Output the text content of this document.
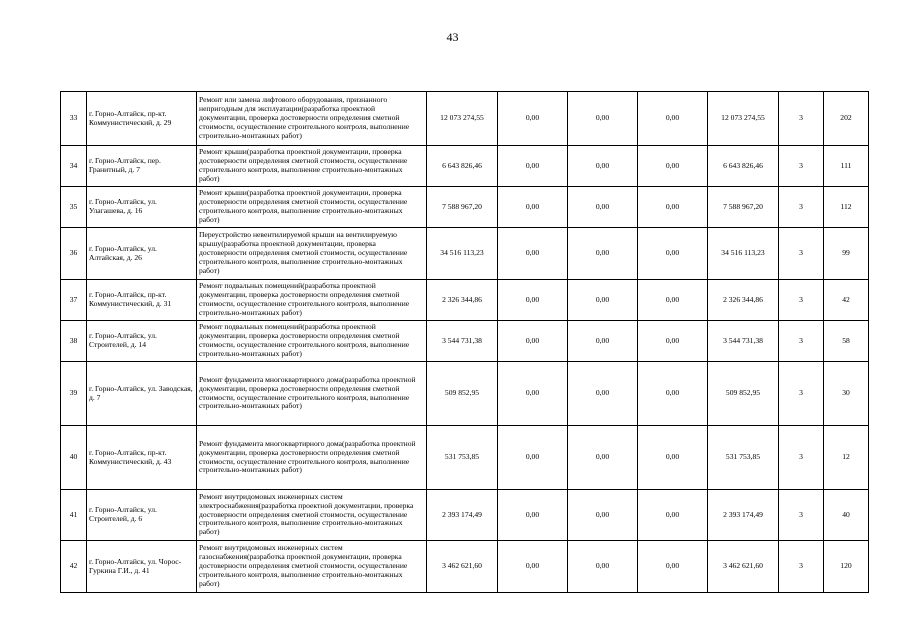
43
33	г. Горно-Алтайск, пр-кт. Коммунистический, д. 29	Ремонт или замена лифтового оборудования, признанного непригодным для эксплуатации(разработка проектной документации, проверка достоверности определения сметной стоимости, осуществление строительного контроля, выполнение строительно-монтажных работ)	12 073 274,55	0,00	0,00	0,00	12 073 274,55	3	202
34	г. Горно-Алтайск, пер. Гранитный, д. 7	Ремонт крыши(разработка проектной документации, проверка достоверности определения сметной стоимости, осуществление строительного контроля, выполнение строительно-монтажных работ)	6 643 826,46	0,00	0,00	0,00	6 643 826,46	3	111
35	г. Горно-Алтайск, ул. Улагашева, д. 16	Ремонт крыши(разработка проектной документации, проверка достоверности определения сметной стоимости, осуществление строительного контроля, выполнение строительно-монтажных работ)	7 588 967,20	0,00	0,00	0,00	7 588 967,20	3	112
36	г. Горно-Алтайск, ул. Алтайская, д. 26	Переустройство невентилируемой крыши на вентилируемую крышу(разработка проектной документации, проверка достоверности определения сметной стоимости, осуществление строительного контроля, выполнение строительно-монтажных работ)	34 516 113,23	0,00	0,00	0,00	34 516 113,23	3	99
37	г. Горно-Алтайск, пр-кт. Коммунистический, д. 31	Ремонт подвальных помещений(разработка проектной документации, проверка достоверности определения сметной стоимости, осуществление строительного контроля, выполнение строительно-монтажных работ)	2 326 344,86	0,00	0,00	0,00	2 326 344,86	3	42
38	г. Горно-Алтайск, ул. Строителей, д. 14	Ремонт подвальных помещений(разработка проектной документации, проверка достоверности определения сметной стоимости, осуществление строительного контроля, выполнение строительно-монтажных работ)	3 544 731,38	0,00	0,00	0,00	3 544 731,38	3	58
39	г. Горно-Алтайск, ул. Заводская, д. 7	Ремонт фундамента многоквартирного дома(разработка проектной документации, проверка достоверности определения сметной стоимости, осуществление строительного контроля, выполнение строительно-монтажных работ)	509 852,95	0,00	0,00	0,00	509 852,95	3	30
40	г. Горно-Алтайск, пр-кт. Коммунистический, д. 43	Ремонт фундамента многоквартирного дома(разработка проектной документации, проверка достоверности определения сметной стоимости, осуществление строительного контроля, выполнение строительно-монтажных работ)	531 753,85	0,00	0,00	0,00	531 753,85	3	12
41	г. Горно-Алтайск, ул. Строителей, д. 6	Ремонт внутридомовых инженерных систем электроснабжения(разработка проектной документации, проверка достоверности определения сметной стоимости, осуществление строительного контроля, выполнение строительно-монтажных работ)	2 393 174,49	0,00	0,00	0,00	2 393 174,49	3	40
42	г. Горно-Алтайск, ул. Чорос-Гуркина Г.И., д. 41	Ремонт внутридомовых инженерных систем газоснабжения(разработка проектной документации, проверка достоверности определения сметной стоимости, осуществление строительного контроля, выполнение строительно-монтажных работ)	3 462 621,60	0,00	0,00	0,00	3 462 621,60	3	120
